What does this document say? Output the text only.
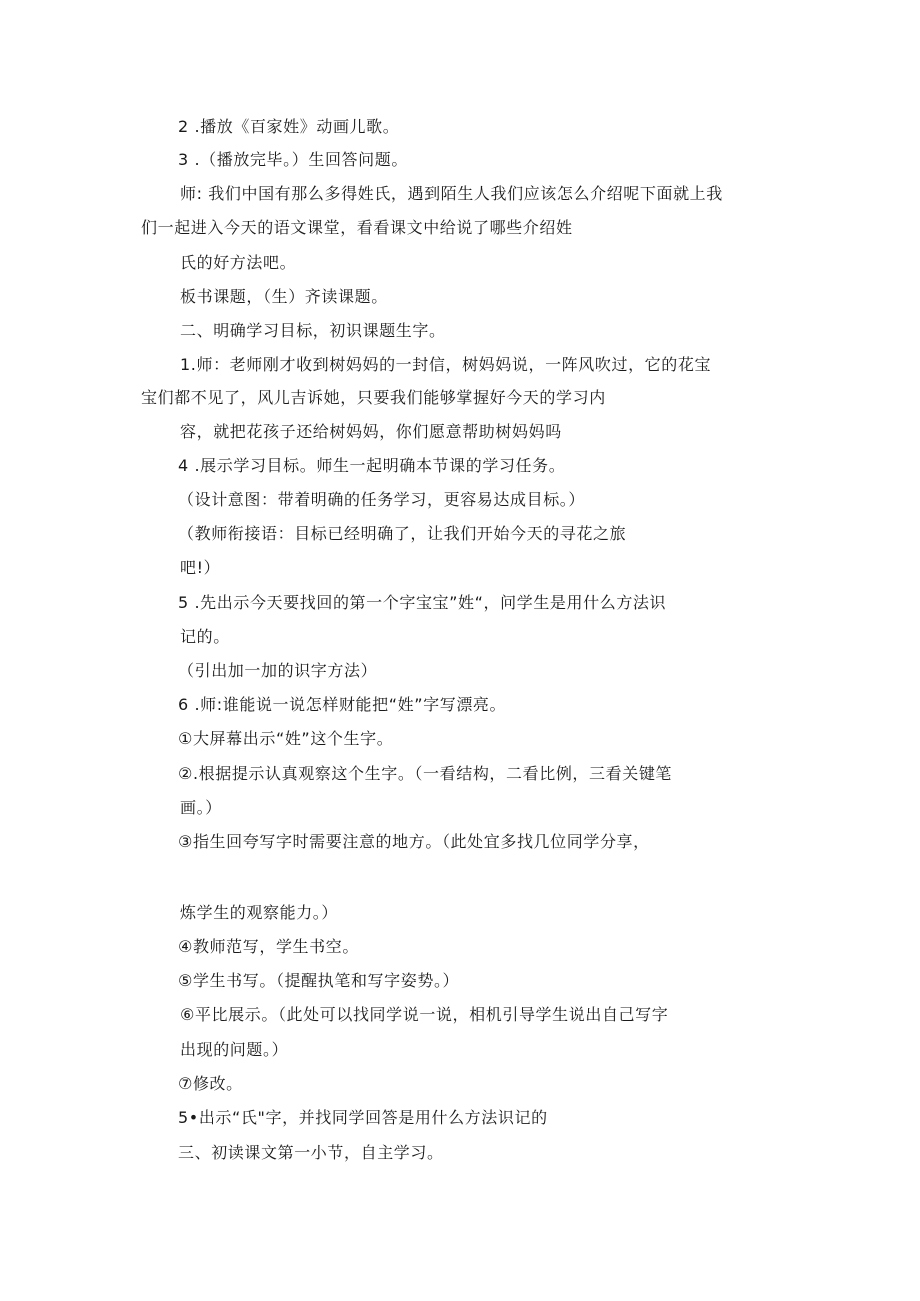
2 .播放《百家姓》动画儿歌。
3 .（播放完毕。）生回答问题。
师: 我们中国有那么多得姓氏，遇到陌生人我们应该怎么介绍呢下面就上我
们一起进入今天的语文课堂，看看课文中给说了哪些介绍姓
氏的好方法吧。
板书课题，（生）齐读课题。
二、明确学习目标，初识课题生字。
1.师：老师刚才收到树妈妈的一封信，树妈妈说，一阵风吹过，它的花宝
宝们都不见了，风儿吉诉她，只要我们能够掌握好今天的学习内
容，就把花孩子还给树妈妈，你们愿意帮助树妈妈吗
4 .展示学习目标。师生一起明确本节课的学习任务。
（设计意图：带着明确的任务学习，更容易达成目标。）
（教师衔接语：目标已经明确了，让我们开始今天的寻花之旅
吧!）
5 .先出示今天要找回的第一个字宝宝”姓“，问学生是用什么方法识
记的。
（引出加一加的识字方法）
6 .师:谁能说一说怎样财能把“姓”字写漂亮。
①大屏幕出示“姓”这个生字。
②.根据提示认真观察这个生字。（一看结构，二看比例，三看关键笔
画。）
③指生回夸写字时需要注意的地方。（此处宜多找几位同学分享，
炼学生的观察能力。）
④教师范写，学生书空。
⑤学生书写。（提醒执笔和写字姿势。）
⑥平比展示。（此处可以找同学说一说，相机引导学生说出自己写字
出现的问题。）
⑦修改。
5•出示“氏"字，并找同学回答是用什么方法识记的
三、初读课文第一小节，自主学习。
